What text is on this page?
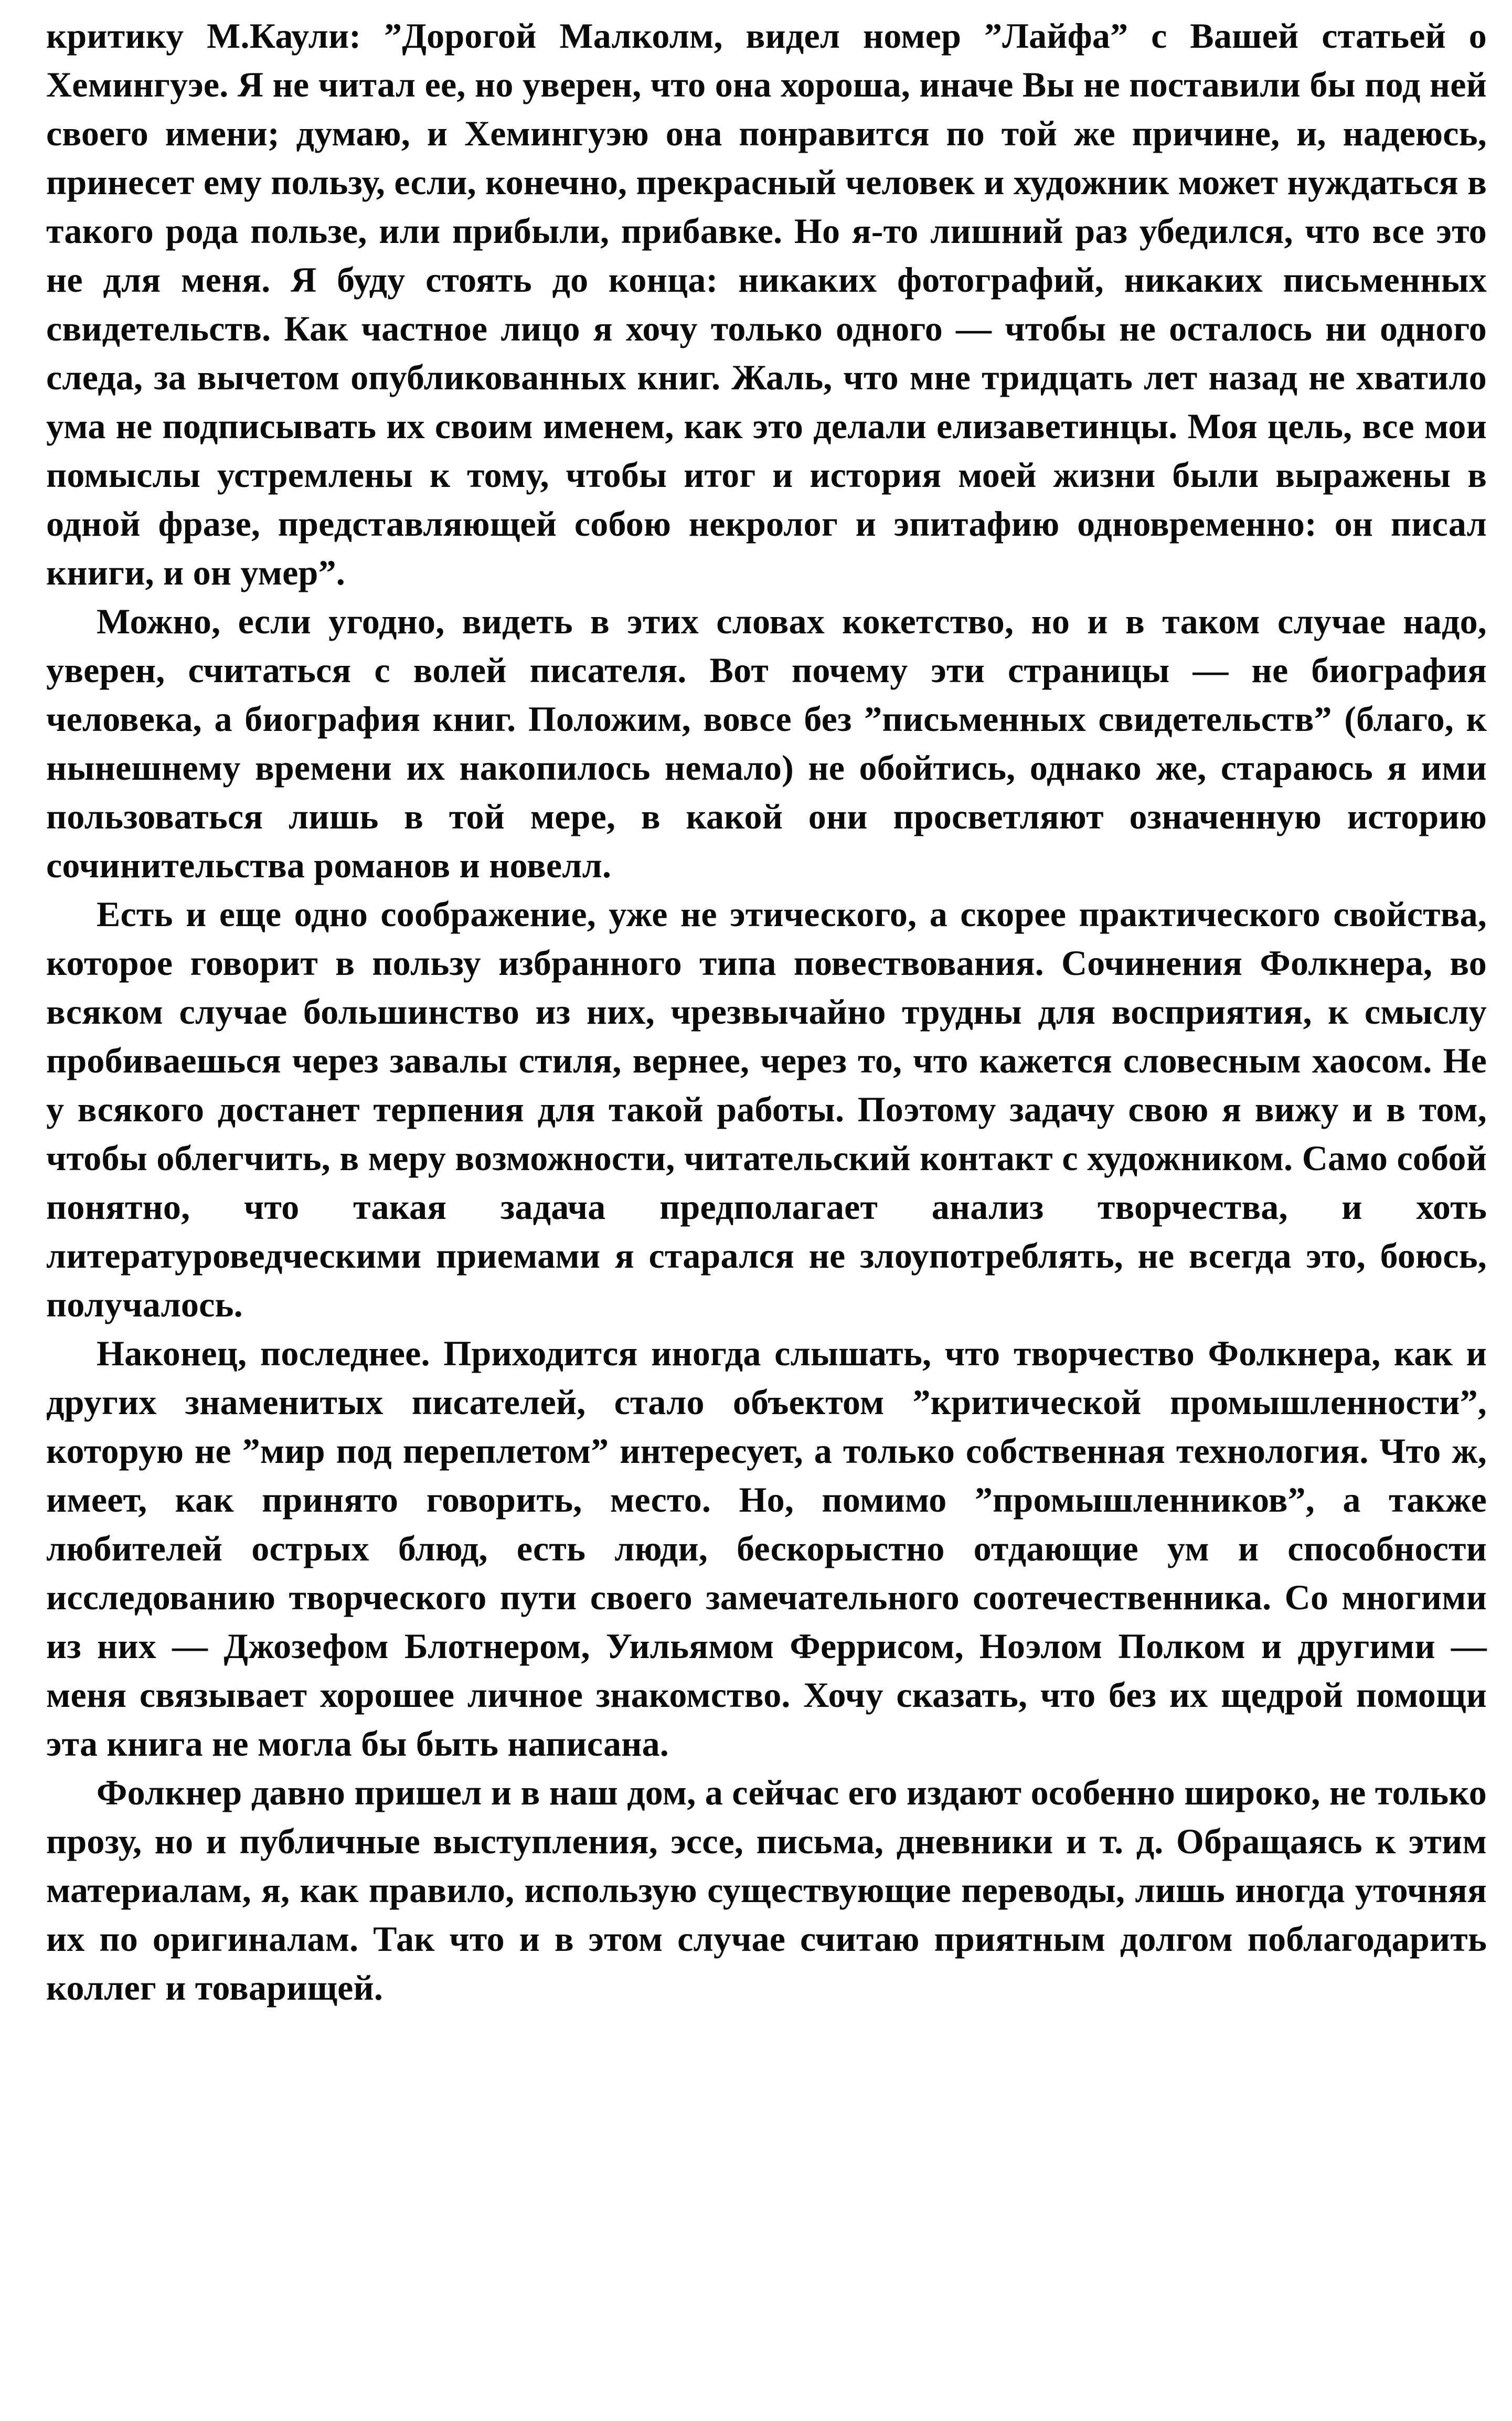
критику М.Каули: ”Дорогой Малколм, видел номер ”Лайфа” с Вашей статьей о Хемингуэе. Я не читал ее, но уверен, что она хороша, иначе Вы не поставили бы под ней своего имени; думаю, и Хемингуэю она понравится по той же причине, и, надеюсь, принесет ему пользу, если, конечно, прекрасный человек и художник может нуждаться в такого рода пользе, или прибыли, прибавке. Но я-то лишний раз убедился, что все это не для меня. Я буду стоять до конца: никаких фотографий, никаких письменных свидетельств. Как частное лицо я хочу только одного — чтобы не осталось ни одного следа, за вычетом опубликованных книг. Жаль, что мне тридцать лет назад не хватило ума не подписывать их своим именем, как это делали елизаветинцы. Моя цель, все мои помыслы устремлены к тому, чтобы итог и история моей жизни были выражены в одной фразе, представляющей собою некролог и эпитафию одновременно: он писал книги, и он умер”.

Можно, если угодно, видеть в этих словах кокетство, но и в таком случае надо, уверен, считаться с волей писателя. Вот почему эти страницы — не биография человека, а биография книг. Положим, вовсе без ”письменных свидетельств” (благо, к нынешнему времени их накопилось немало) не обойтись, однако же, стараюсь я ими пользоваться лишь в той мере, в какой они просветляют означенную историю сочинительства романов и новелл.

Есть и еще одно соображение, уже не этического, а скорее практического свойства, которое говорит в пользу избранного типа повествования. Сочинения Фолкнера, во всяком случае большинство из них, чрезвычайно трудны для восприятия, к смыслу пробиваешься через завалы стиля, вернее, через то, что кажется словесным хаосом. Не у всякого достанет терпения для такой работы. Поэтому задачу свою я вижу и в том, чтобы облегчить, в меру возможности, читательский контакт с художником. Само собой понятно, что такая задача предполагает анализ творчества, и хоть литературоведческими приемами я старался не злоупотреблять, не всегда это, боюсь, получалось.

Наконец, последнее. Приходится иногда слышать, что творчество Фолкнера, как и других знаменитых писателей, стало объектом ”критической промышленности”, которую не ”мир под переплетом” интересует, а только собственная технология. Что ж, имеет, как принято говорить, место. Но, помимо ”промышленников”, а также любителей острых блюд, есть люди, бескорыстно отдающие ум и способности исследованию творческого пути своего замечательного соотечественника. Со многими из них — Джозефом Блотнером, Уильямом Феррисом, Ноэлом Полком и другими — меня связывает хорошее личное знакомство. Хочу сказать, что без их щедрой помощи эта книга не могла бы быть написана.

Фолкнер давно пришел и в наш дом, а сейчас его издают особенно широко, не только прозу, но и публичные выступления, эссе, письма, дневники и т. д. Обращаясь к этим материалам, я, как правило, использую существующие переводы, лишь иногда уточняя их по оригиналам. Так что и в этом случае считаю приятным долгом поблагодарить коллег и товарищей.
